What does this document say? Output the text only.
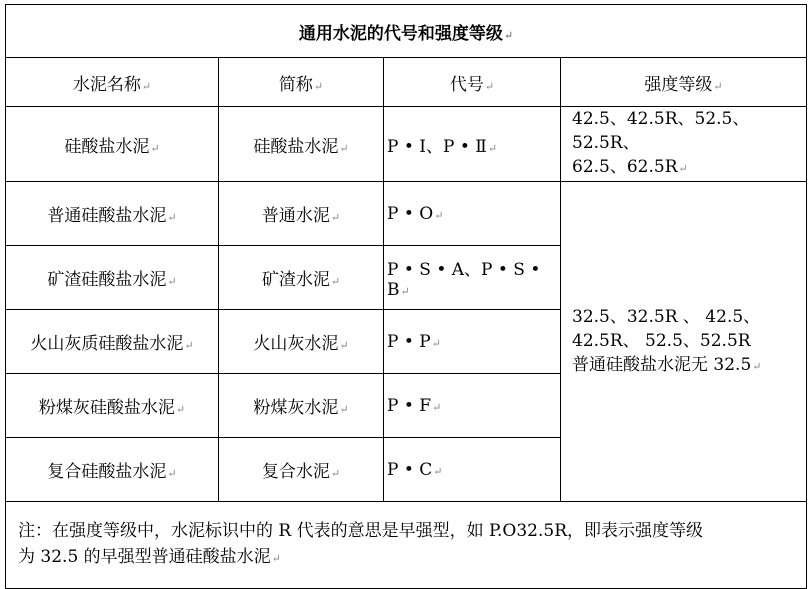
通用水泥的代号和强度等级↵			
水泥名称↵	简称↵	代号↵	强度等级↵
硅酸盐水泥↵	硅酸盐水泥↵	P • Ⅰ、P • Ⅱ↵	42.5、42.5R、52.5、52.5R、
62.5、62.5R↵

普通硅酸盐水泥↵	普通水泥↵	P • O↵	32.5、32.5R 、 42.5、
42.5R、 52.5、52.5R
普通硅酸盐水泥无 32.5↵

矿渣硅酸盐水泥↵	矿渣水泥↵	P • S • A、P • S • B↵	
火山灰质硅酸盐水泥↵	火山灰水泥↵	P • P↵	
粉煤灰硅酸盐水泥↵	粉煤灰水泥↵	P • F↵	
复合硅酸盐水泥↵	复合水泥↵	P • C↵	

注：在强度等级中，水泥标识中的 R 代表的意思是早强型，如 P.O32.5R，即表示强度等级
为 32.5 的早强型普通硅酸盐水泥↵			
